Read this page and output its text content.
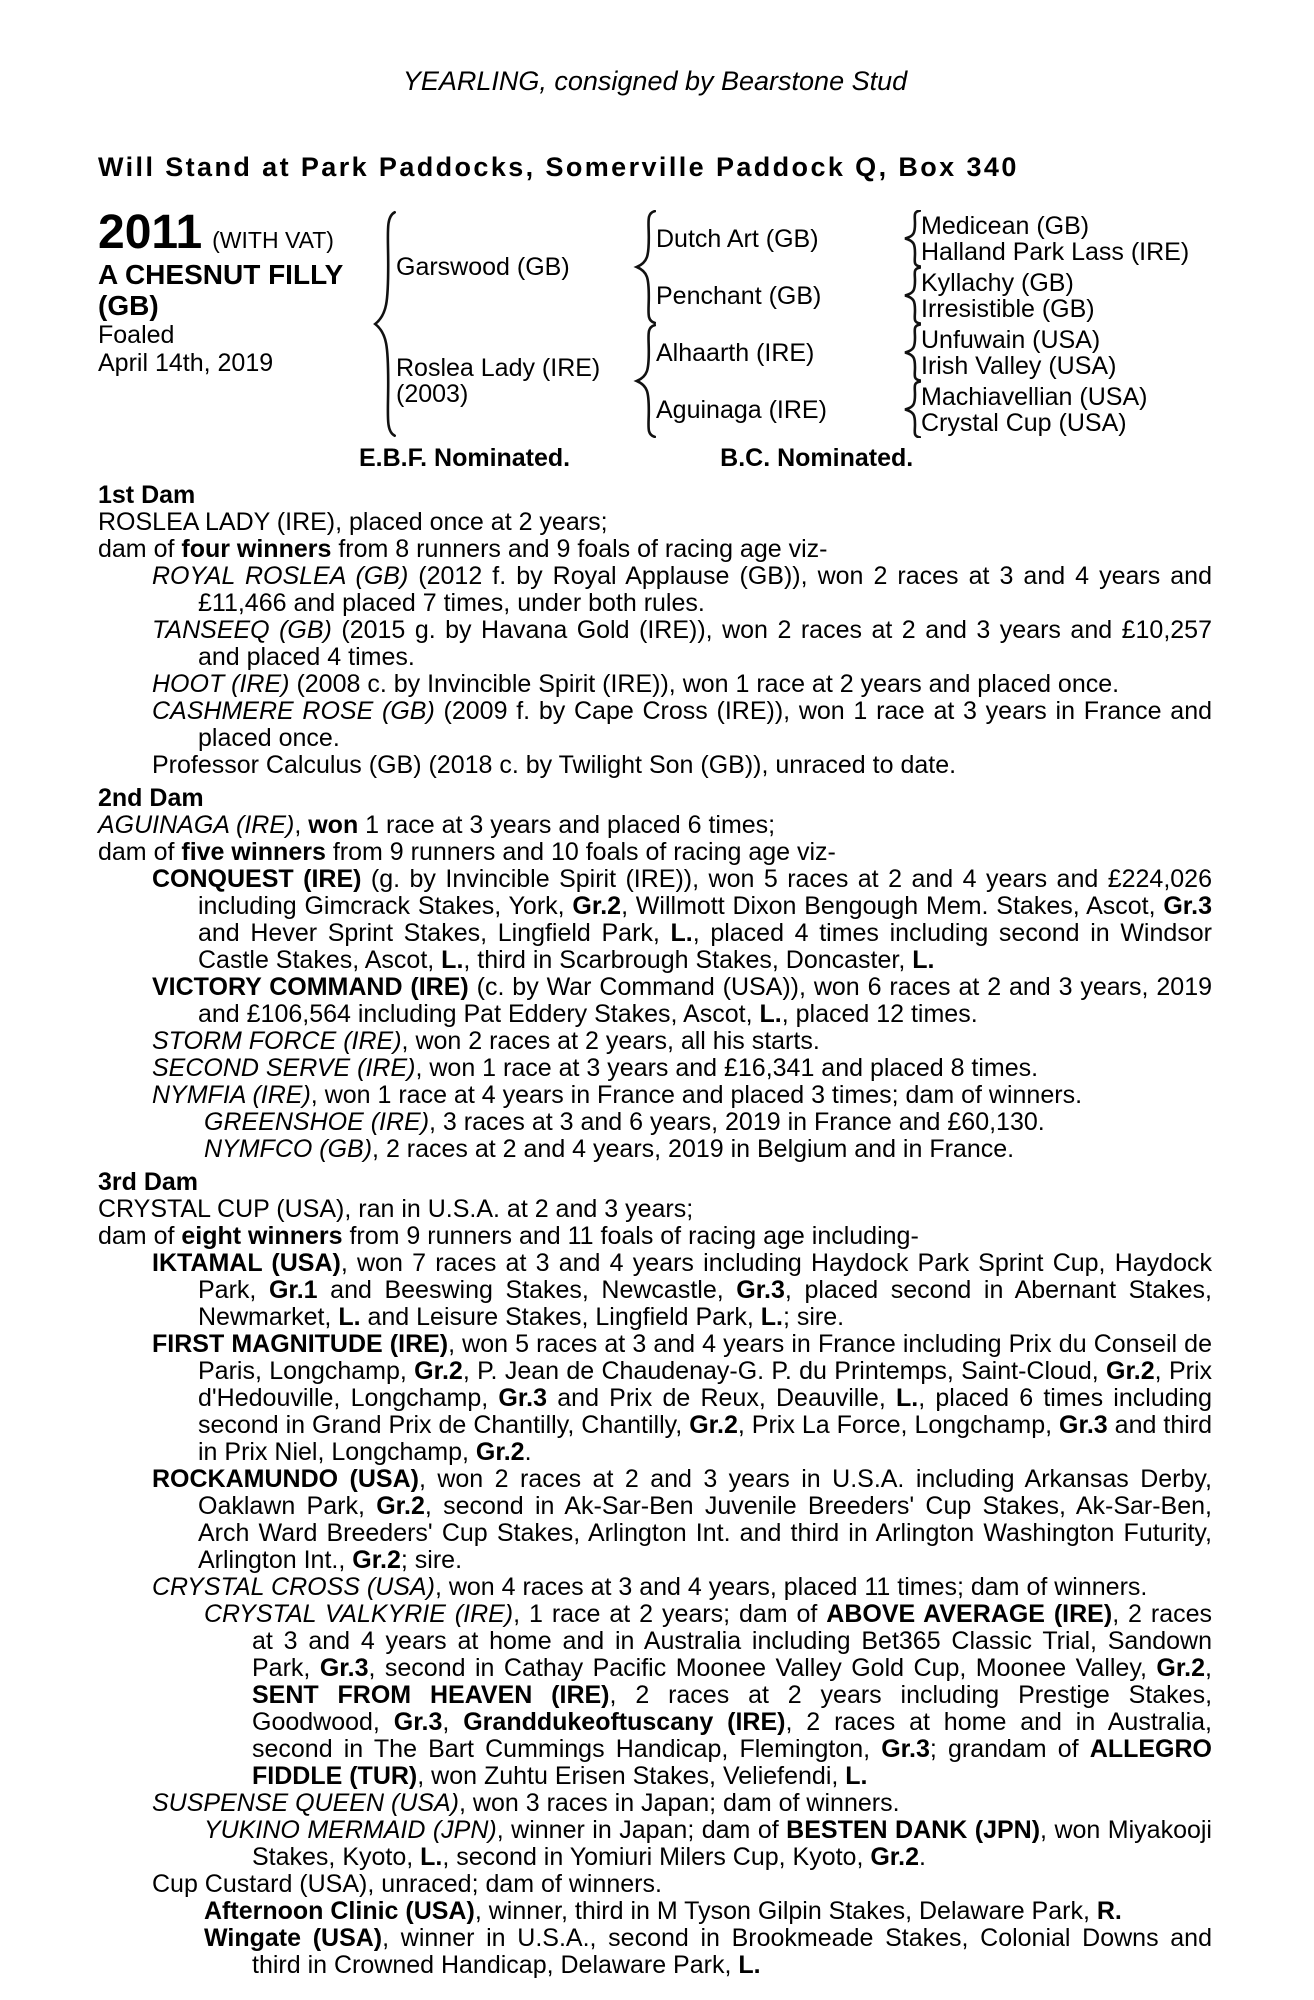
YEARLING, consigned by Bearstone Stud
Will Stand at Park Paddocks, Somerville Paddock Q, Box 340
2011 (WITH VAT)
A CHESNUT FILLY (GB)
Foaled
April 14th, 2019
Garswood (GB)
Roslea Lady (IRE)
(2003)
Dutch Art (GB)
Penchant (GB)
Alhaarth (IRE)
Aguinaga (IRE)
Medicean (GB)
Halland Park Lass (IRE)
Kyllachy (GB)
Irresistible (GB)
Unfuwain (USA)
Irish Valley (USA)
Machiavellian (USA)
Crystal Cup (USA)
E.B.F. Nominated.	B.C. Nominated.
1st Dam

ROSLEA LADY (IRE), placed once at 2 years;

dam of four winners from 8 runners and 9 foals of racing age viz-

ROYAL ROSLEA (GB) (2012 f. by Royal Applause (GB)), won 2 races at 3 and 4 years and £11,466 and placed 7 times, under both rules.

TANSEEQ (GB) (2015 g. by Havana Gold (IRE)), won 2 races at 2 and 3 years and £10,257 and placed 4 times.

HOOT (IRE) (2008 c. by Invincible Spirit (IRE)), won 1 race at 2 years and placed once.

CASHMERE ROSE (GB) (2009 f. by Cape Cross (IRE)), won 1 race at 3 years in France and placed once.

Professor Calculus (GB) (2018 c. by Twilight Son (GB)), unraced to date.

2nd Dam

AGUINAGA (IRE), won 1 race at 3 years and placed 6 times;

dam of five winners from 9 runners and 10 foals of racing age viz-

CONQUEST (IRE) (g. by Invincible Spirit (IRE)), won 5 races at 2 and 4 years and £224,026 including Gimcrack Stakes, York, Gr.2, Willmott Dixon Bengough Mem. Stakes, Ascot, Gr.3 and Hever Sprint Stakes, Lingfield Park, L., placed 4 times including second in Windsor Castle Stakes, Ascot, L., third in Scarbrough Stakes, Doncaster, L.

VICTORY COMMAND (IRE) (c. by War Command (USA)), won 6 races at 2 and 3 years, 2019 and £106,564 including Pat Eddery Stakes, Ascot, L., placed 12 times.

STORM FORCE (IRE), won 2 races at 2 years, all his starts.

SECOND SERVE (IRE), won 1 race at 3 years and £16,341 and placed 8 times.

NYMFIA (IRE), won 1 race at 4 years in France and placed 3 times; dam of winners.

GREENSHOE (IRE), 3 races at 3 and 6 years, 2019 in France and £60,130.

NYMFCO (GB), 2 races at 2 and 4 years, 2019 in Belgium and in France.

3rd Dam

CRYSTAL CUP (USA), ran in U.S.A. at 2 and 3 years;

dam of eight winners from 9 runners and 11 foals of racing age including-

IKTAMAL (USA), won 7 races at 3 and 4 years including Haydock Park Sprint Cup, Haydock Park, Gr.1 and Beeswing Stakes, Newcastle, Gr.3, placed second in Abernant Stakes, Newmarket, L. and Leisure Stakes, Lingfield Park, L.; sire.

FIRST MAGNITUDE (IRE), won 5 races at 3 and 4 years in France including Prix du Conseil de Paris, Longchamp, Gr.2, P. Jean de Chaudenay-G. P. du Printemps, Saint-Cloud, Gr.2, Prix d'Hedouville, Longchamp, Gr.3 and Prix de Reux, Deauville, L., placed 6 times including second in Grand Prix de Chantilly, Chantilly, Gr.2, Prix La Force, Longchamp, Gr.3 and third in Prix Niel, Longchamp, Gr.2.

ROCKAMUNDO (USA), won 2 races at 2 and 3 years in U.S.A. including Arkansas Derby, Oaklawn Park, Gr.2, second in Ak-Sar-Ben Juvenile Breeders' Cup Stakes, Ak-Sar-Ben, Arch Ward Breeders' Cup Stakes, Arlington Int. and third in Arlington Washington Futurity, Arlington Int., Gr.2; sire.

CRYSTAL CROSS (USA), won 4 races at 3 and 4 years, placed 11 times; dam of winners.

CRYSTAL VALKYRIE (IRE), 1 race at 2 years; dam of ABOVE AVERAGE (IRE), 2 races at 3 and 4 years at home and in Australia including Bet365 Classic Trial, Sandown Park, Gr.3, second in Cathay Pacific Moonee Valley Gold Cup, Moonee Valley, Gr.2, SENT FROM HEAVEN (IRE), 2 races at 2 years including Prestige Stakes, Goodwood, Gr.3, Granddukeoftuscany (IRE), 2 races at home and in Australia, second in The Bart Cummings Handicap, Flemington, Gr.3; grandam of ALLEGRO FIDDLE (TUR), won Zuhtu Erisen Stakes, Veliefendi, L.

SUSPENSE QUEEN (USA), won 3 races in Japan; dam of winners.

YUKINO MERMAID (JPN), winner in Japan; dam of BESTEN DANK (JPN), won Miyakooji Stakes, Kyoto, L., second in Yomiuri Milers Cup, Kyoto, Gr.2.

Cup Custard (USA), unraced; dam of winners.

Afternoon Clinic (USA), winner, third in M Tyson Gilpin Stakes, Delaware Park, R.

Wingate (USA), winner in U.S.A., second in Brookmeade Stakes, Colonial Downs and third in Crowned Handicap, Delaware Park, L.
